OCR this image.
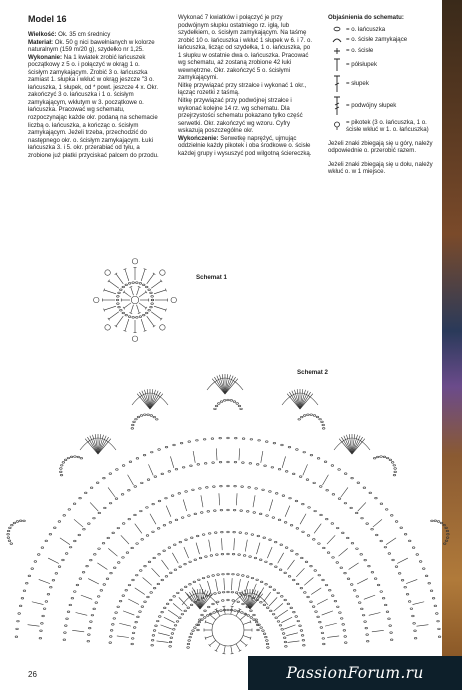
Model 16

Wielkość: Ok. 35 cm średnicy

Materiał: Ok. 50 g nici bawełnianych w kolorze naturalnym (159 m/20 g), szydełko nr 1,25.

Wykonanie: Na 1 kwiatek zrobić łańcuszek początkowy z 5 o. i połączyć w okrąg 1 o. ścisłym zamykającym. Zrobić 3 o. łańcuszka zamiast 1. słupka i wkłuć w okrąg jeszcze "3 o. łańcuszka, 1 słupek, od * powt. jeszcze 4 x. Okr. zakończyć 3 o. łańcuszka i 1 o. ścisłym zamykającym, wkłutym w 3. początkowe o. łańcuszka. Pracować wg schematu, rozpoczynając każde okr. podaną na schemacie liczbą o. łańcuszka, a kończąc o. ścisłym zamykającym. Jeżeli trzeba, przechodzić do następnego okr. o. ścisłym zamykającym. Łuki łańcuszka 3. i 5. okr. przerabiać od tyłu, a zrobione już płatki przyciskać palcem do przodu.

Wykonać 7 kwiatków i połączyć je przy podwójnym słupku ostatniego rz. igłą, lub szydełkiem, o. ścisłym zamykającym. Na taśmę zrobić 10 o. łańcuszka i wkłuć 1 słupek w 6. i 7. o. łańcuszka, licząc od szydełka, 1 o. łańcuszka, po 1 słupku w ostatnie dwa o. łańcuszka. Pracować wg schematu, aż zostaną zrobione 42 łuki wewnętrzne. Okr. zakończyć 5 o. ścisłymi zamykającymi.

Nitkę przywiązać przy strzałce i wykonać 1 okr., łącząc rozetki z taśmą.

Nitkę przywiązać przy podwójnej strzałce i wykonać kolejne 14 rz. wg schematu. Dla przejrzystości schematu pokazano tylko część serwetki. Okr. zakończyć wg wzoru. Cyfry wskazują poszczególne okr.

Wykończenie: Serwetkę naprężyć, ujmując oddzielnie każdy pikotek i oba środkowe o. ścisłe każdej grupy i wysuszyć pod wilgotną ściereczką.

Objaśnienia do schematu:

= o. łańcuszka
= o. ścisłe zamykające
= o. ścisłe
= półsłupek
= słupek
= podwójny słupek
= pikotek (3 o. łańcuszka, 1 o. ścisłe wkłuć w 1. o. łańcuszka)

Jeżeli znaki zbiegają się u góry, należy odpowiednie o. przerobić razem.

Jeżeli znaki zbiegają się u dołu, należy wkłuć o. w 1 miejsce.

Schemat 1
Schemat 2
26	PassionForum.ru
